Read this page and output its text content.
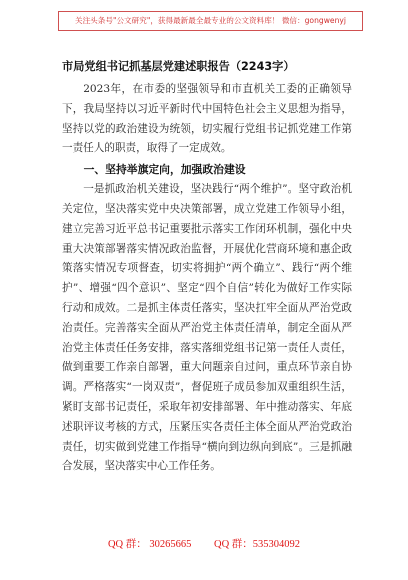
关注头条号"公文研究"，获得最新最全最专业的公文资料库！ 微信：gongwenyj
市局党组书记抓基层党建述职报告（2243字）

2023年，在市委的坚强领导和市直机关工委的正确领导下，我局坚持以习近平新时代中国特色社会主义思想为指导，坚持以党的政治建设为统领，切实履行党组书记抓党建工作第一责任人的职责，取得了一定成效。

一、坚持举旗定向，加强政治建设

一是抓政治机关建设，坚决践行“两个维护”。坚守政治机关定位，坚决落实党中央决策部署，成立党建工作领导小组，建立完善习近平总书记重要批示落实工作闭环机制，强化中央重大决策部署落实情况政治监督，开展优化营商环境和惠企政策落实情况专项督查，切实将拥护“两个确立”、践行“两个维护”、增强“四个意识”、坚定“四个自信”转化为做好工作实际行动和成效。二是抓主体责任落实，坚决扛牢全面从严治党政治责任。完善落实全面从严治党主体责任清单，制定全面从严治党主体责任任务安排，落实落细党组书记第一责任人责任，做到重要工作亲自部署，重大问题亲自过问，重点环节亲自协调。严格落实“一岗双责”，督促班子成员参加双重组织生活，紧盯支部书记责任，采取年初安排部署、年中推动落实、年底述职评议考核的方式，压紧压实各责任主体全面从严治党政治责任，切实做到党建工作指导“横向到边纵向到底”。三是抓融合发展，坚决落实中心工作任务。

QQ 群： 30265665 QQ 群：535304092
